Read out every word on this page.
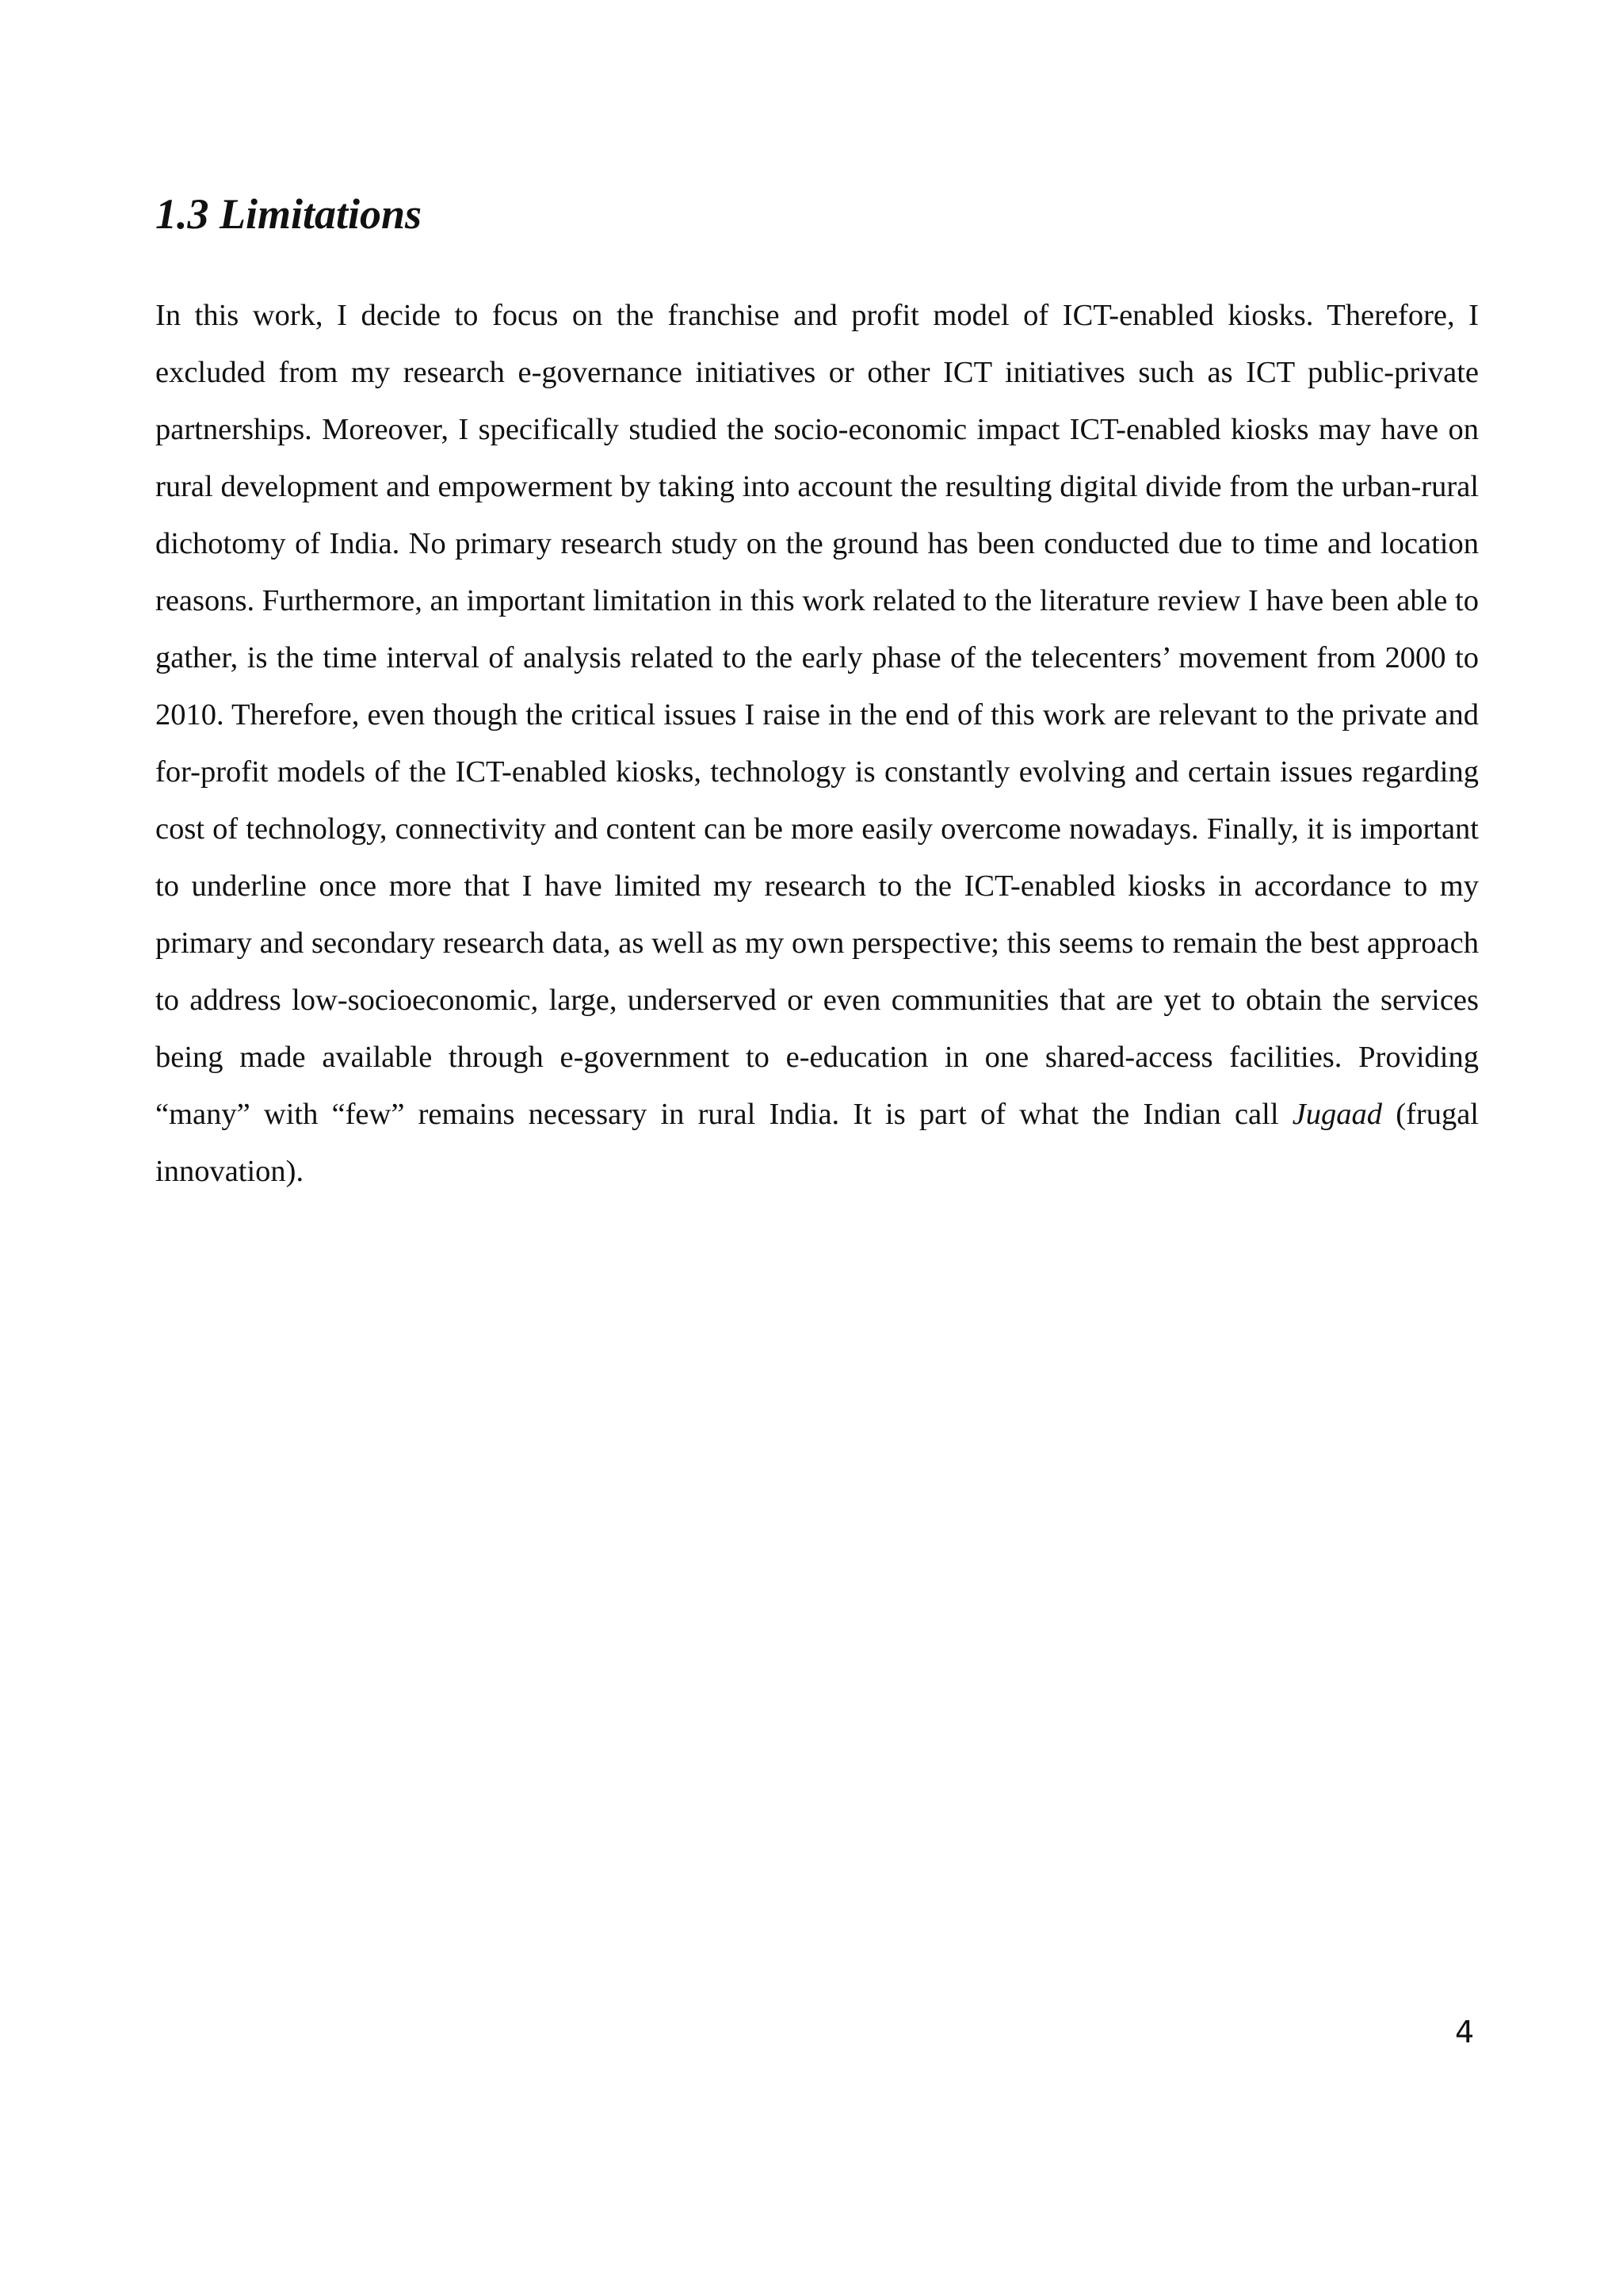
1.3 Limitations

In this work, I decide to focus on the franchise and profit model of ICT-enabled kiosks. Therefore, I excluded from my research e-governance initiatives or other ICT initiatives such as ICT public-private partnerships. Moreover, I specifically studied the socio-economic impact ICT-enabled kiosks may have on rural development and empowerment by taking into account the resulting digital divide from the urban-rural dichotomy of India. No primary research study on the ground has been conducted due to time and location reasons. Furthermore, an important limitation in this work related to the literature review I have been able to gather, is the time interval of analysis related to the early phase of the telecenters’ movement from 2000 to 2010. Therefore, even though the critical issues I raise in the end of this work are relevant to the private and for-profit models of the ICT-enabled kiosks, technology is constantly evolving and certain issues regarding cost of technology, connectivity and content can be more easily overcome nowadays. Finally, it is important to underline once more that I have limited my research to the ICT-enabled kiosks in accordance to my primary and secondary research data, as well as my own perspective; this seems to remain the best approach to address low-socioeconomic, large, underserved or even communities that are yet to obtain the services being made available through e-government to e-education in one shared-access facilities. Providing “many” with “few” remains necessary in rural India. It is part of what the Indian call Jugaad (frugal innovation).

4
